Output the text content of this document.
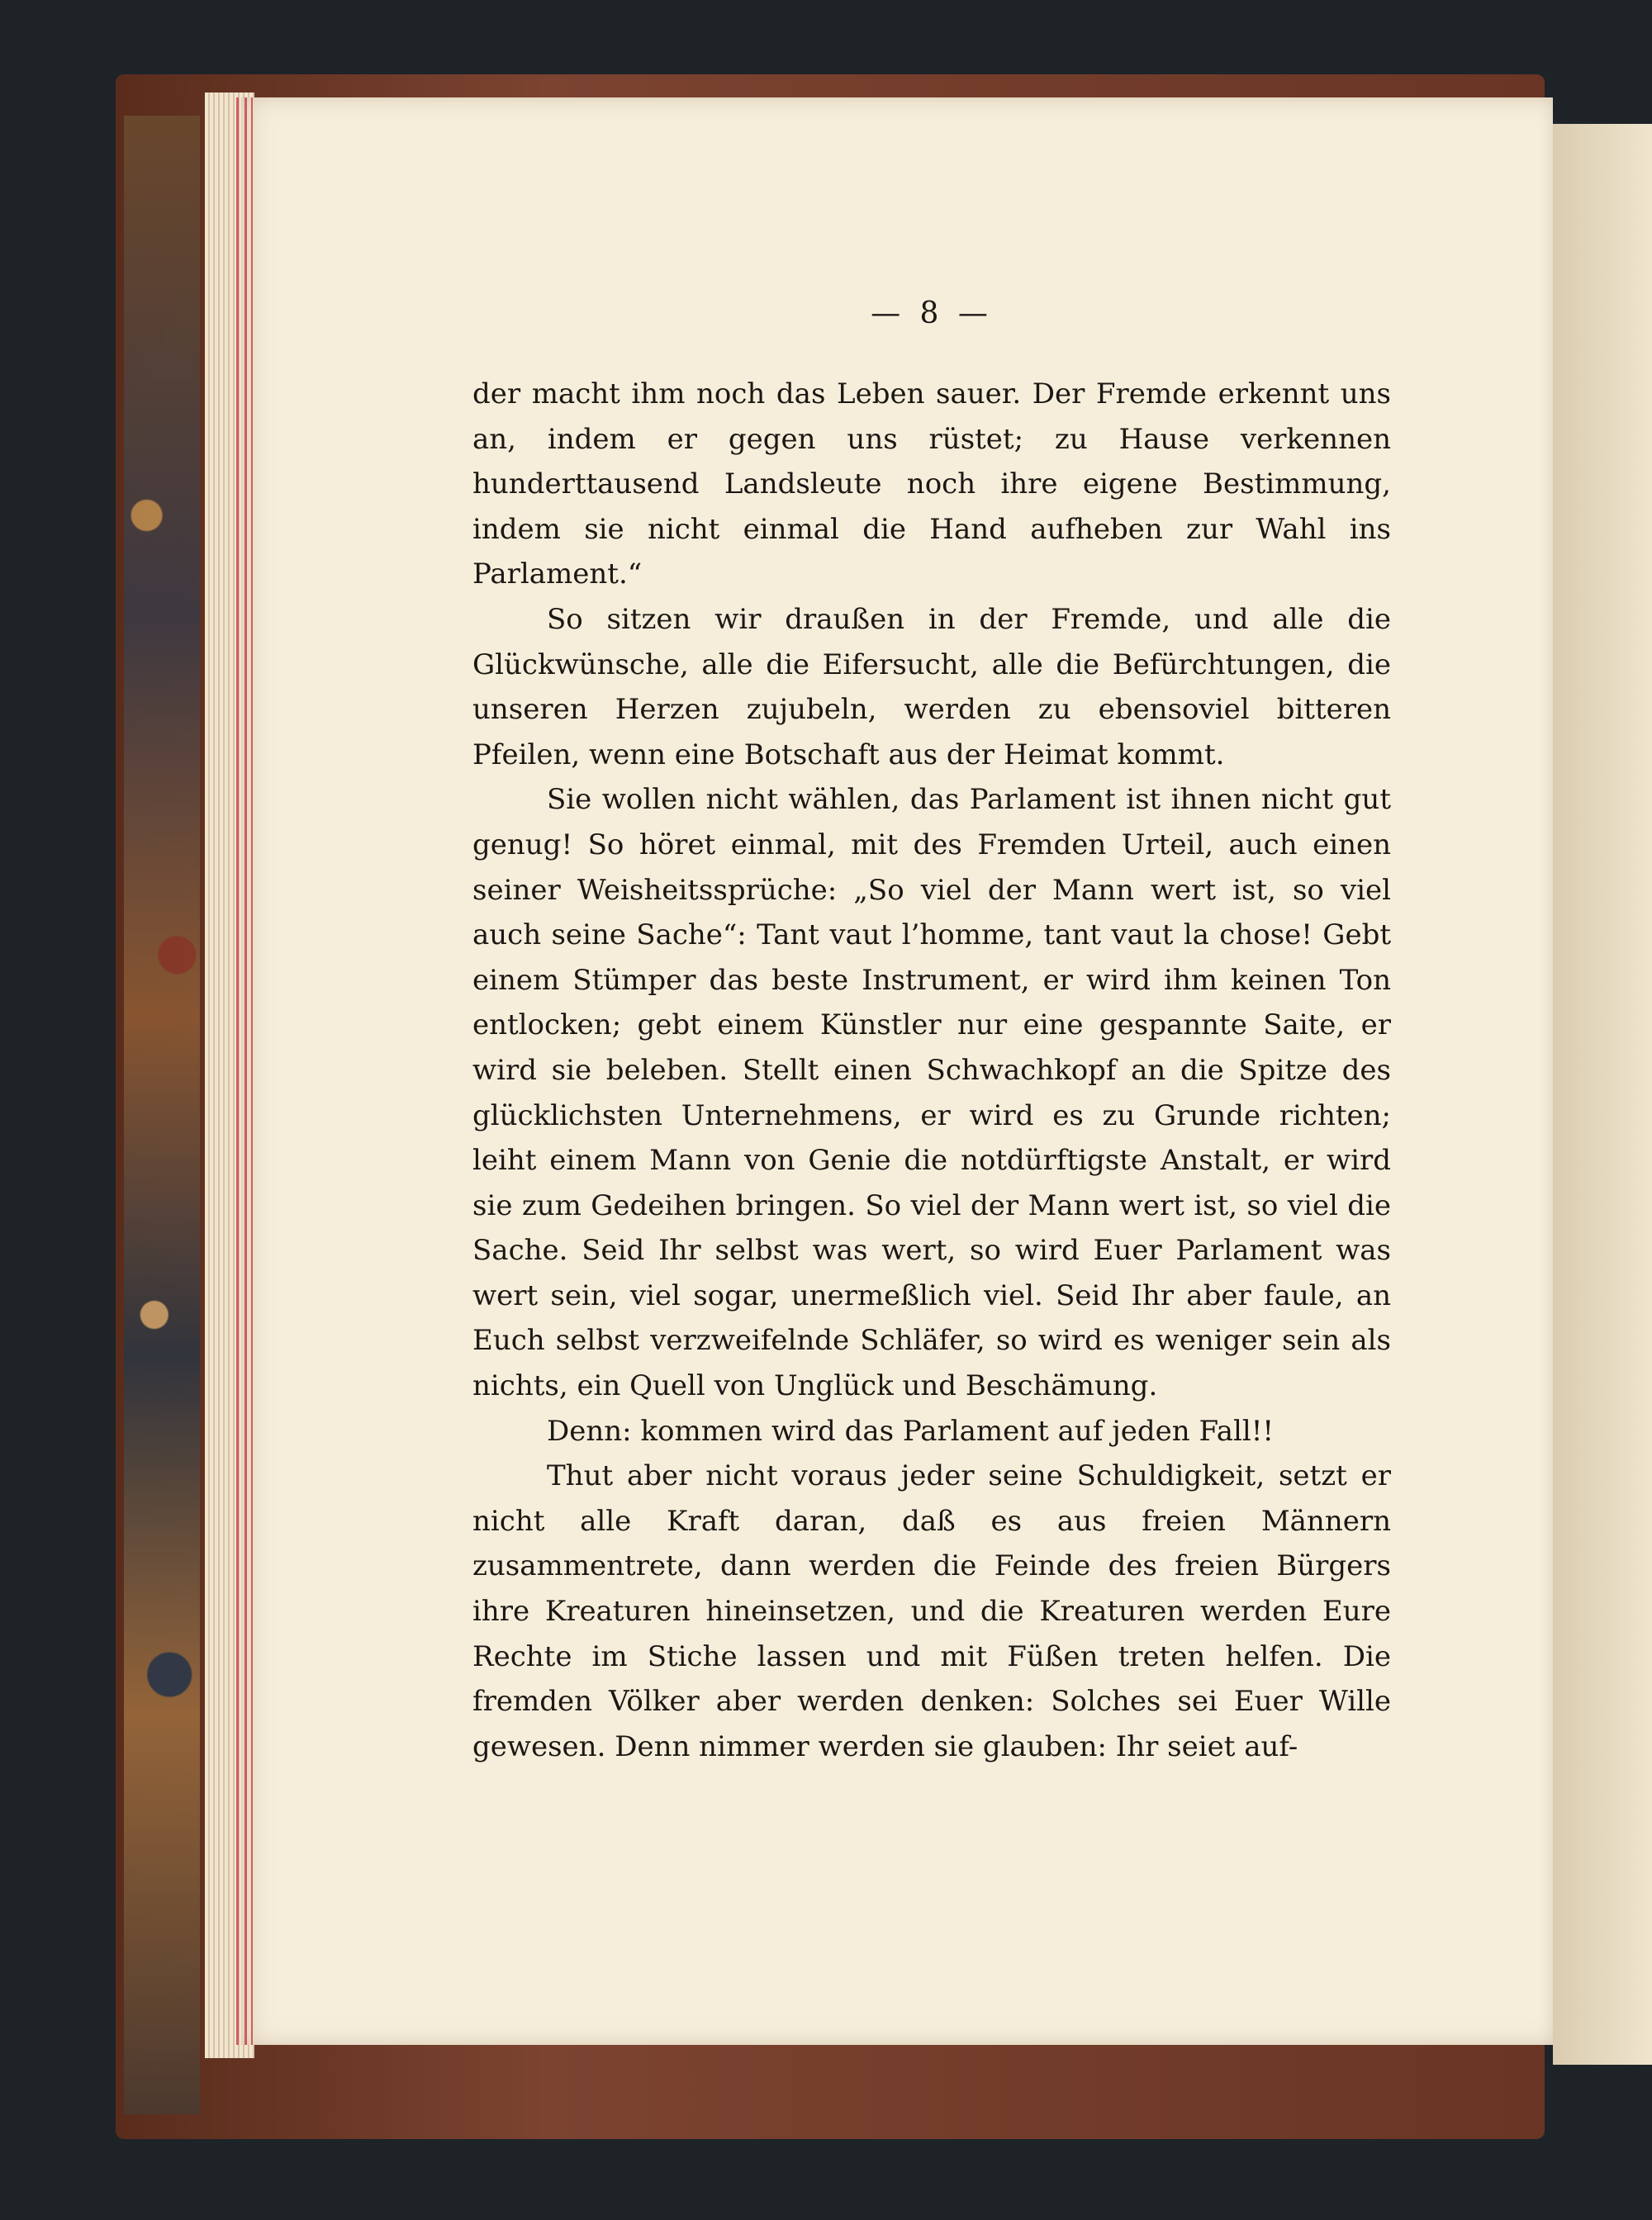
— 8 —

der macht ihm noch das Leben sauer. Der Fremde erkennt uns an, indem er gegen uns rüstet; zu Hause verkennen hunderttausend Landsleute noch ihre eigene Bestimmung, indem sie nicht einmal die Hand aufheben zur Wahl ins Parlament.“

So sitzen wir draußen in der Fremde, und alle die Glückwünsche, alle die Eifersucht, alle die Befürchtungen, die unseren Herzen zujubeln, werden zu ebensoviel bitteren Pfeilen, wenn eine Botschaft aus der Heimat kommt.

Sie wollen nicht wählen, das Parlament ist ihnen nicht gut genug! So höret einmal, mit des Fremden Urteil, auch einen seiner Weisheitssprüche: „So viel der Mann wert ist, so viel auch seine Sache“: Tant vaut l’homme, tant vaut la chose! Gebt einem Stümper das beste Instrument, er wird ihm keinen Ton entlocken; gebt einem Künstler nur eine gespannte Saite, er wird sie beleben. Stellt einen Schwachkopf an die Spitze des glücklichsten Unternehmens, er wird es zu Grunde richten; leiht einem Mann von Genie die notdürftigste Anstalt, er wird sie zum Gedeihen bringen. So viel der Mann wert ist, so viel die Sache. Seid Ihr selbst was wert, so wird Euer Parlament was wert sein, viel sogar, unermeßlich viel. Seid Ihr aber faule, an Euch selbst verzweifelnde Schläfer, so wird es weniger sein als nichts, ein Quell von Unglück und Beschämung.

Denn: kommen wird das Parlament auf jeden Fall!!

Thut aber nicht voraus jeder seine Schuldigkeit, setzt er nicht alle Kraft daran, daß es aus freien Männern zusammentrete, dann werden die Feinde des freien Bürgers ihre Kreaturen hineinsetzen, und die Kreaturen werden Eure Rechte im Stiche lassen und mit Füßen treten helfen. Die fremden Völker aber werden denken: Solches sei Euer Wille gewesen. Denn nimmer werden sie glauben: Ihr seiet auf-
